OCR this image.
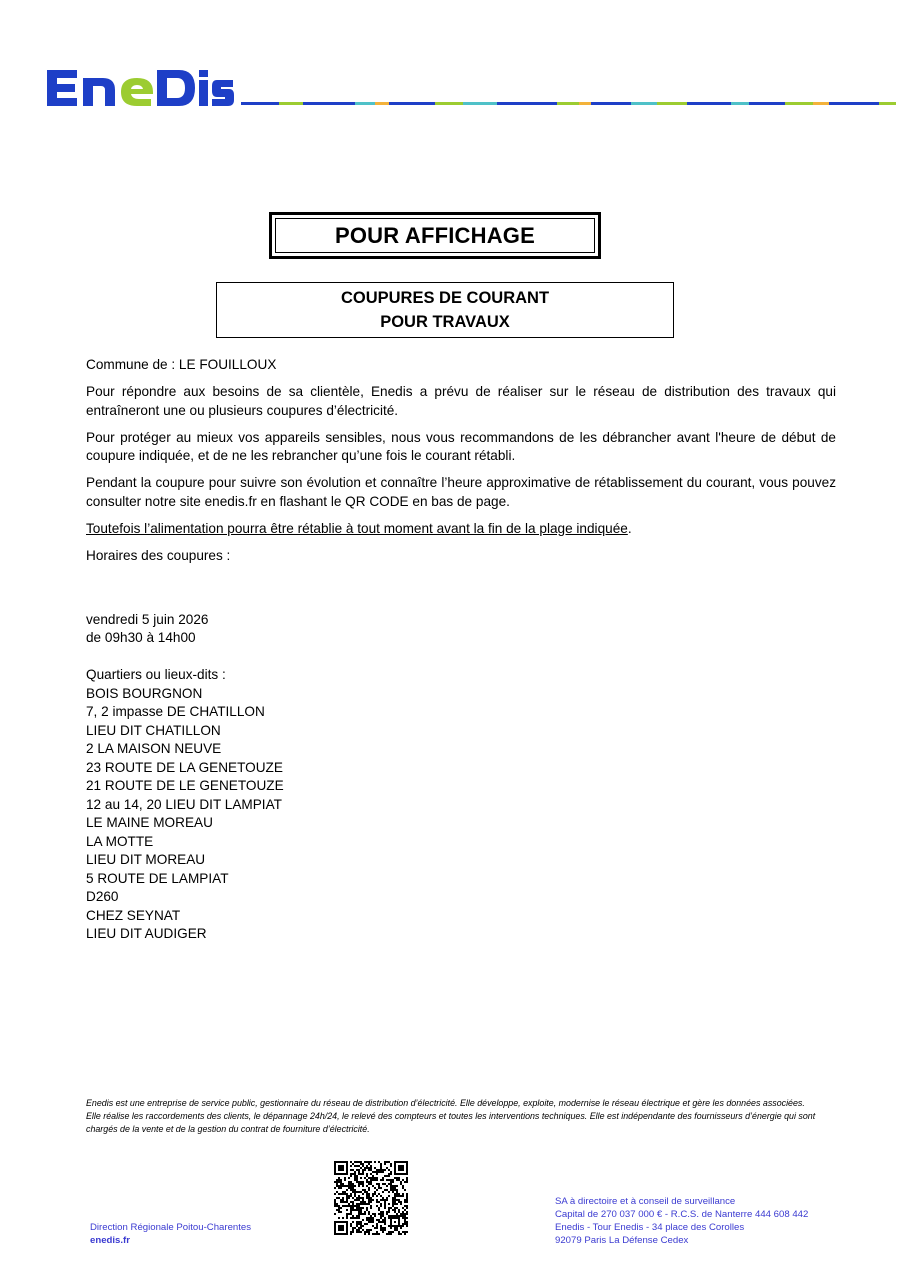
POUR AFFICHAGE
COUPURES DE COURANT
POUR TRAVAUX

Commune de : LE FOUILLOUX

Pour répondre aux besoins de sa clientèle, Enedis a prévu de réaliser sur le réseau de distribution des travaux qui entraîneront une ou plusieurs coupures d’électricité.

Pour protéger au mieux vos appareils sensibles, nous vous recommandons de les débrancher avant l'heure de début de coupure indiquée, et de ne les rebrancher qu’une fois le courant rétabli.

Pendant la coupure pour suivre son évolution et connaître l’heure approximative de rétablissement du courant, vous pouvez consulter notre site enedis.fr en flashant le QR CODE en bas de page.

Toutefois l’alimentation pourra être rétablie à tout moment avant la fin de la plage indiquée.

Horaires des coupures :

vendredi 5 juin 2026
de 09h30 à 14h00
Quartiers ou lieux-dits :
BOIS BOURGNON
7, 2 impasse DE CHATILLON
LIEU DIT CHATILLON
2 LA MAISON NEUVE
23 ROUTE DE LA GENETOUZE
21 ROUTE DE LE GENETOUZE
12 au 14, 20 LIEU DIT LAMPIAT
LE MAINE MOREAU
LA MOTTE
LIEU DIT MOREAU
5 ROUTE DE LAMPIAT
D260
CHEZ SEYNAT
LIEU DIT AUDIGER
Enedis est une entreprise de service public, gestionnaire du réseau de distribution d’électricité. Elle développe, exploite, modernise le réseau électrique et gère les données associées. Elle réalise les raccordements des clients, le dépannage 24h/24, le relevé des compteurs et toutes les interventions techniques. Elle est indépendante des fournisseurs d’énergie qui sont chargés de la vente et de la gestion du contrat de fourniture d’électricité.
Direction Régionale Poitou-Charentes
enedis.fr
SA à directoire et à conseil de surveillance
Capital de 270 037 000 € - R.C.S. de Nanterre 444 608 442
Enedis - Tour Enedis - 34 place des Corolles
92079 Paris La Défense Cedex
